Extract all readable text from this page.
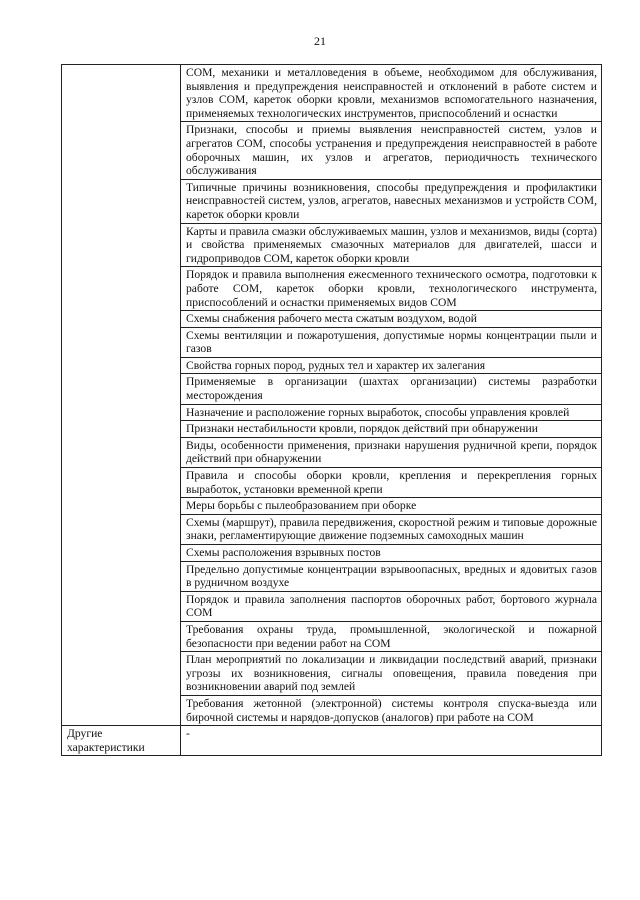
21
	СОМ, механики и металловедения в объеме, необходимом для обслуживания, выявления и предупреждения неисправностей и отклонений в работе систем и узлов СОМ, кареток оборки кровли, механизмов вспомогательного назначения, применяемых технологических инструментов, приспособлений и оснастки
	Признаки, способы и приемы выявления неисправностей систем, узлов и агрегатов СОМ, способы устранения и предупреждения неисправностей в работе оборочных машин, их узлов и агрегатов, периодичность технического обслуживания
	Типичные причины возникновения, способы предупреждения и профилактики неисправностей систем, узлов, агрегатов, навесных механизмов и устройств СОМ, кареток оборки кровли
	Карты и правила смазки обслуживаемых машин, узлов и механизмов, виды (сорта) и свойства применяемых смазочных материалов для двигателей, шасси и гидроприводов СОМ, кареток оборки кровли
	Порядок и правила выполнения ежесменного технического осмотра, подготовки к работе СОМ, кареток оборки кровли, технологического инструмента, приспособлений и оснастки применяемых видов СОМ
	Схемы снабжения рабочего места сжатым воздухом, водой
	Схемы вентиляции и пожаротушения, допустимые нормы концентрации пыли и газов
	Свойства горных пород, рудных тел и характер их залегания
	Применяемые в организации (шахтах организации) системы разработки месторождения
	Назначение и расположение горных выработок, способы управления кровлей
	Признаки нестабильности кровли, порядок действий при обнаружении
	Виды, особенности применения, признаки нарушения рудничной крепи, порядок действий при обнаружении
	Правила и способы оборки кровли, крепления и перекрепления горных выработок, установки временной крепи
	Меры борьбы с пылеобразованием при оборке
	Схемы (маршрут), правила передвижения, скоростной режим и типовые дорожные знаки, регламентирующие движение подземных самоходных машин
	Схемы расположения взрывных постов
	Предельно допустимые концентрации взрывоопасных, вредных и ядовитых газов в рудничном воздухе
	Порядок и правила заполнения паспортов оборочных работ, бортового журнала СОМ
	Требования охраны труда, промышленной, экологической и пожарной безопасности при ведении работ на СОМ
	План мероприятий по локализации и ликвидации последствий аварий, признаки угрозы их возникновения, сигналы оповещения, правила поведения при возникновении аварий под землей
	Требования жетонной (электронной) системы контроля спуска-выезда или бирочной системы и нарядов-допусков (аналогов) при работе на СОМ
Другие характеристики	-
